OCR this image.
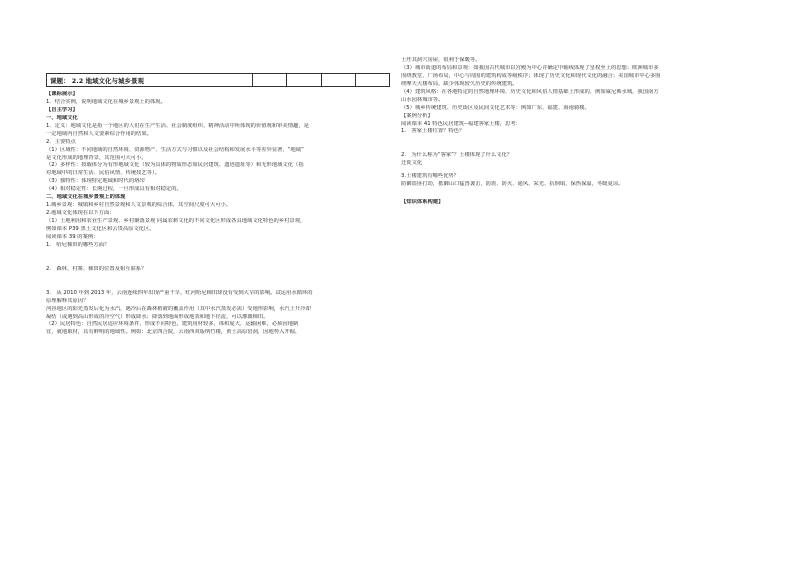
课题： 2.2 地域文化与城乡景观				

【课标展示】

1．结合实例，说明地域文化在城乡景观上的体现。

【自主学习】

一、地域文化

1．定义：地域文化是指一个地区的人们在生产生活、社会制度组织、精神活动中所体现的价值观和审美情趣，是

一定地域内自然和人文要素综合作用的结果。

2．主要特点

（1）区域性：不同地域的自然环境、资源物产、生活方式与习惯以及社会结构和发展水平等差异显著，“地域”

是文化形成的地理背景，其范围可大可小。

（2）多样性：按载体分为有形地域文化（较为具体的物质形态如民居建筑、遗迹遗址等）和无形地域文化（指

对地域中的日常生活、民俗风情、传统技艺等）。

（3）独特性：体现特定地域和时代的烙印

（4）相对稳定性：长期过程，一旦形成具有相对稳定的。

二、地域文化在城乡景观上的体现

1.城乡景观：城镇和乡村自然景观和人文景观的综合体，其空间尺度可大可小。

2.地域文化体现在以下方面：

（1）土地利用和农业生产景观、乡村聚落景观 同属农耕文化的不同文化区形成各具地域文化特色的乡村景观，

例如课本 P39 黑土文化区和云贵高原文化区。

阅读课本 39 的案例：

1.　哈尼梯田的哪些方面？

2.　森林、村寨、梯田的位置及相互联系？

3.　从 2010 年到 2013 年，云南连续四年出现严重干旱，红河哈尼梯田却没有受到大旱的影响。试运用水循环的

原理解释其原因？

河谷地区的阳光蒸发后化为水汽，遇冷后在森林植被的覆盖作用（其中水汽蒸发必需）受地形影响，水汽上升冷却

凝结（或遇到高山形成的冷空气）形成降水；降落到地面形成地表和地下径流，可以灌溉梯田。

（2）民居特色：自然民居适应环境条件，形成不同特色，建筑用材较多，体积庞大，运输困难，必须因地制

宜，就地取材，具有鲜明的地域性。例如：北京四合院，云南西双版纳竹楼，黄土高原窑洞，因地势入开掘，

土坯其洞穴房屋，很利于保暖等。

（3）城市街道的布局和景观：如我国古代城市以宫殿为中心并确定中轴线体现了皇权至上的思想；欧洲城市多

围绕教堂、广场布局，中心与周围的建筑构成等级秩序；体现了历史文化和现代文化的融合；美国城市中心多围

绕摩天大楼布局，缺少体现较久历史的传统建筑。

（4）建筑风格：在各地特定的自然地理环境、历史文化和风俗人情基础上形成的，例如威尼斯水城，我国南方

山水园林城市等。

（5）城乡传统建筑、历史街区及民间文化艺术等：例如广东、福建、海南骑楼。

【案例分析】

阅读课本 41 特色民居建筑--福建客家土楼，思考：

1.　客家土楼位置？特色？

2.　为什么称为“客家”？土楼体现了什么文化？

迁徙文化

3.土楼建筑有哪些优势？

防御盗匪打劫，抵御山口猛兽袭击，防震、防火、通风、采光、抗倒塌，保热保温，冬暖夏凉。

【知识体系构建】
